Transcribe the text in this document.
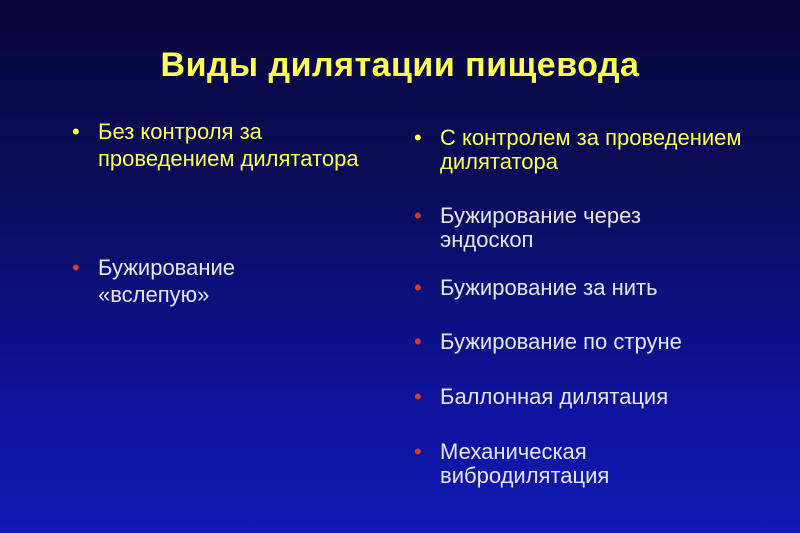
Виды дилятации пищевода
• Без контроля за проведением дилятатора
• Бужирование «вслепую»
• С контролем за проведением дилятатора
• Бужирование через эндоскоп
• Бужирование за нить
• Бужирование по струне
• Баллонная дилятация
• Механическая вибродилятация
